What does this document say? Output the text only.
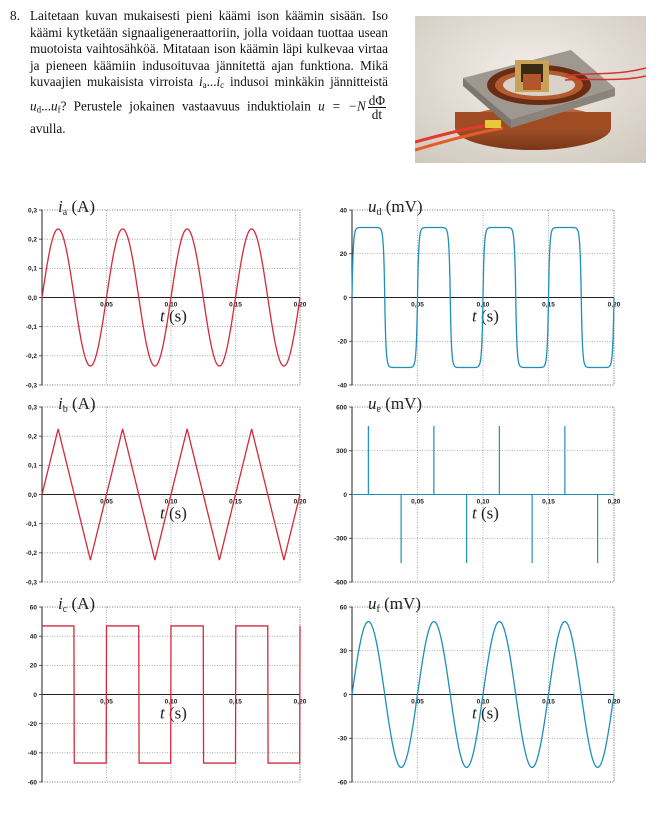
8. Laitetaan kuvan mukaisesti pieni käämi ison käämin sisään. Iso käämi kytketään signaaligeneraattoriin, jolla voidaan tuottaa usean muotoista vaihtosähköä. Mitataan ison käämin läpi kulkevaa virtaa ja pieneen käämiin indusoituvaa jännitettä ajan funktiona. Mikä kuvaajien mukaisista virroista $i_a...i_c$ indusoi minkäkin jännitteistä $u_d...u_f$? Perustele jokainen vastaavuus induktiolain $u = -N \frac{d\Phi}{dt}$
avulla.
0,3
0,2
0,1
0,0
-0,1
-0,2
-0,3
0,05	0,10	0,15	0,20
ia (A)
t (s)
40
20
0
-20
-40
0,05	0,10	0,15	0,20
ud (mV)
t (s)
0,3
0,2
0,1
0,0
-0,1
-0,2
-0,3
0,05	0,10	0,15	0,20
ib (A)
t (s)
600
300
0
-300
-600
0,05	0,10	0,15	0,20
ue (mV)
t (s)
60
40
20
0
-20
-40
-60
0,05	0,10	0,15	0,20
ic (A)
t (s)
60
30
0
-30
-60
0,05	0,10	0,15	0,20
uf (mV)
t (s)
